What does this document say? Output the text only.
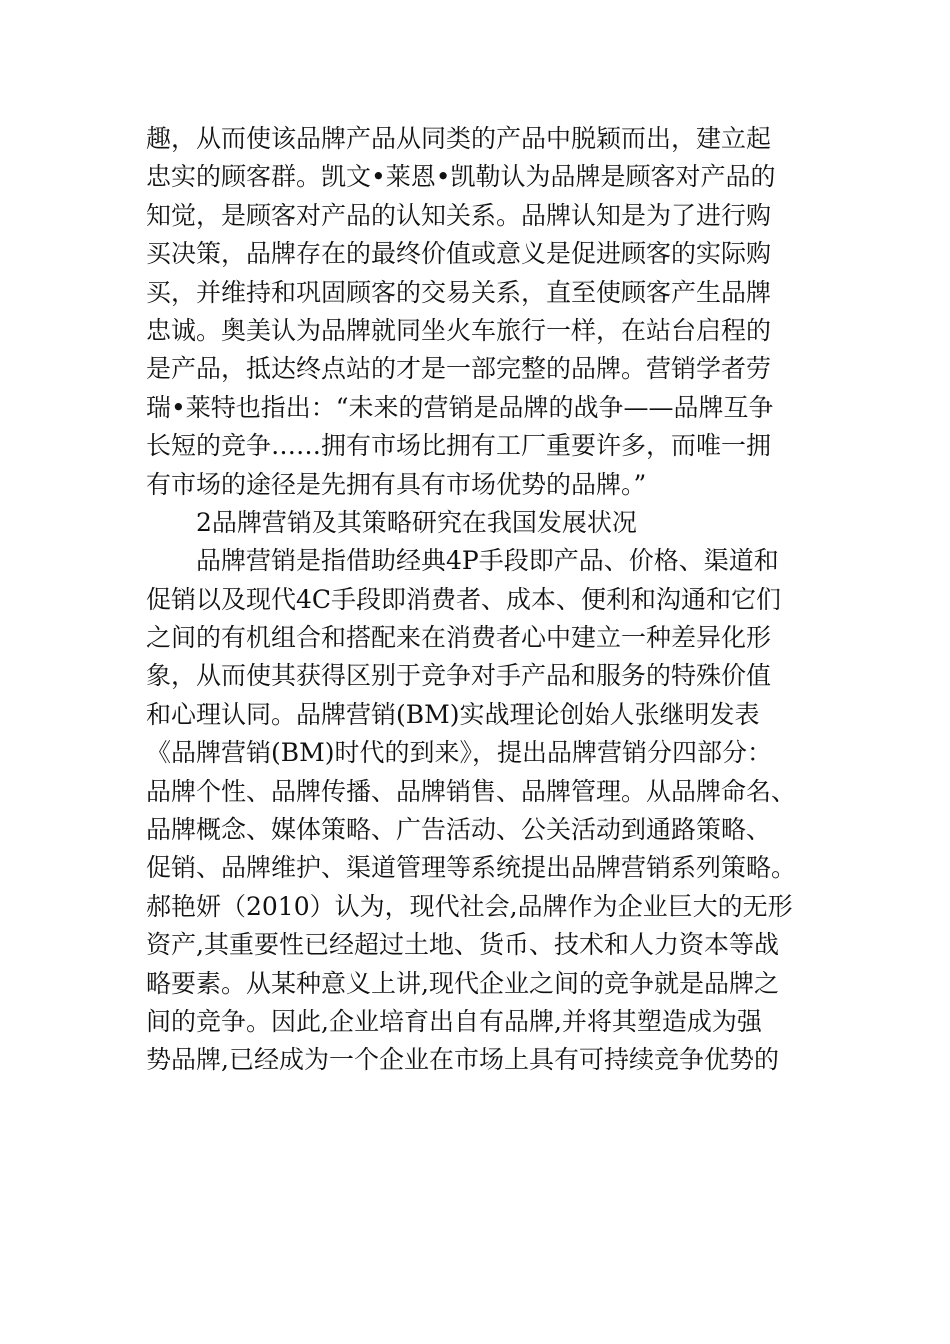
趣，从而使该品牌产品从同类的产品中脱颖而出，建立起
忠实的顾客群。凯文•莱恩•凯勒认为品牌是顾客对产品的
知觉，是顾客对产品的认知关系。品牌认知是为了进行购
买决策，品牌存在的最终价值或意义是促进顾客的实际购
买，并维持和巩固顾客的交易关系，直至使顾客产生品牌
忠诚。奥美认为品牌就同坐火车旅行一样，在站台启程的
是产品，抵达终点站的才是一部完整的品牌。营销学者劳
瑞•莱特也指出：“未来的营销是品牌的战争——品牌互争
长短的竞争……拥有市场比拥有工厂重要许多，而唯一拥
有市场的途径是先拥有具有市场优势的品牌。”
2品牌营销及其策略研究在我国发展状况
品牌营销是指借助经典4P手段即产品、价格、渠道和
促销以及现代4C手段即消费者、成本、便利和沟通和它们
之间的有机组合和搭配来在消费者心中建立一种差异化形
象，从而使其获得区别于竞争对手产品和服务的特殊价值
和心理认同。品牌营销(BM)实战理论创始人张继明发表
《品牌营销(BM)时代的到来》，提出品牌营销分四部分：
品牌个性、品牌传播、品牌销售、品牌管理。从品牌命名、
品牌概念、媒体策略、广告活动、公关活动到通路策略、
促销、品牌维护、渠道管理等系统提出品牌营销系列策略。
郝艳妍（2010）认为，现代社会,品牌作为企业巨大的无形
资产,其重要性已经超过土地、货币、技术和人力资本等战
略要素。从某种意义上讲,现代企业之间的竞争就是品牌之
间的竞争。因此,企业培育出自有品牌,并将其塑造成为强
势品牌,已经成为一个企业在市场上具有可持续竞争优势的
